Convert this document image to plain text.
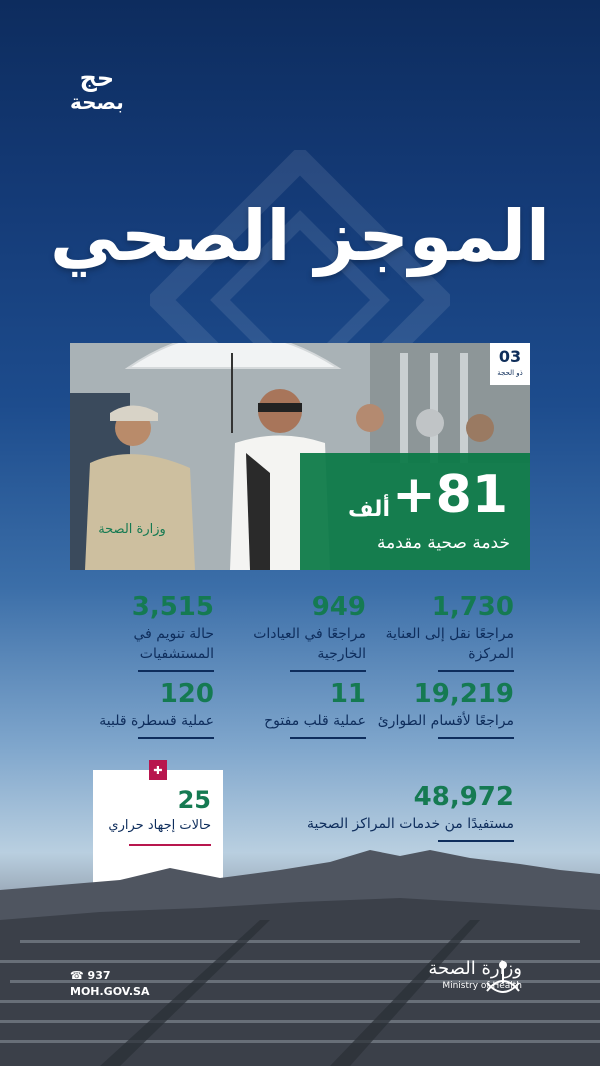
حج
بصحة
الموجز الصحي
وزارة الصحة
03
ذو الحجة
+81
ألف
خدمة صحية مقدمة
1,730
مراجعًا نقل إلى العناية المركزة
949
مراجعًا في العيادات الخارجية
3,515
حالة تنويم في المستشفيات
19,219
مراجعًا لأقسام الطوارئ
11
عملية قلب مفتوح
120
عملية قسطرة قلبية
48,972
مستفيدًا من خدمات المراكز الصحية
✚
25
حالات إجهاد حراري
☎ 937
MOH.GOV.SA
وزارة الصحة
Ministry of Health
